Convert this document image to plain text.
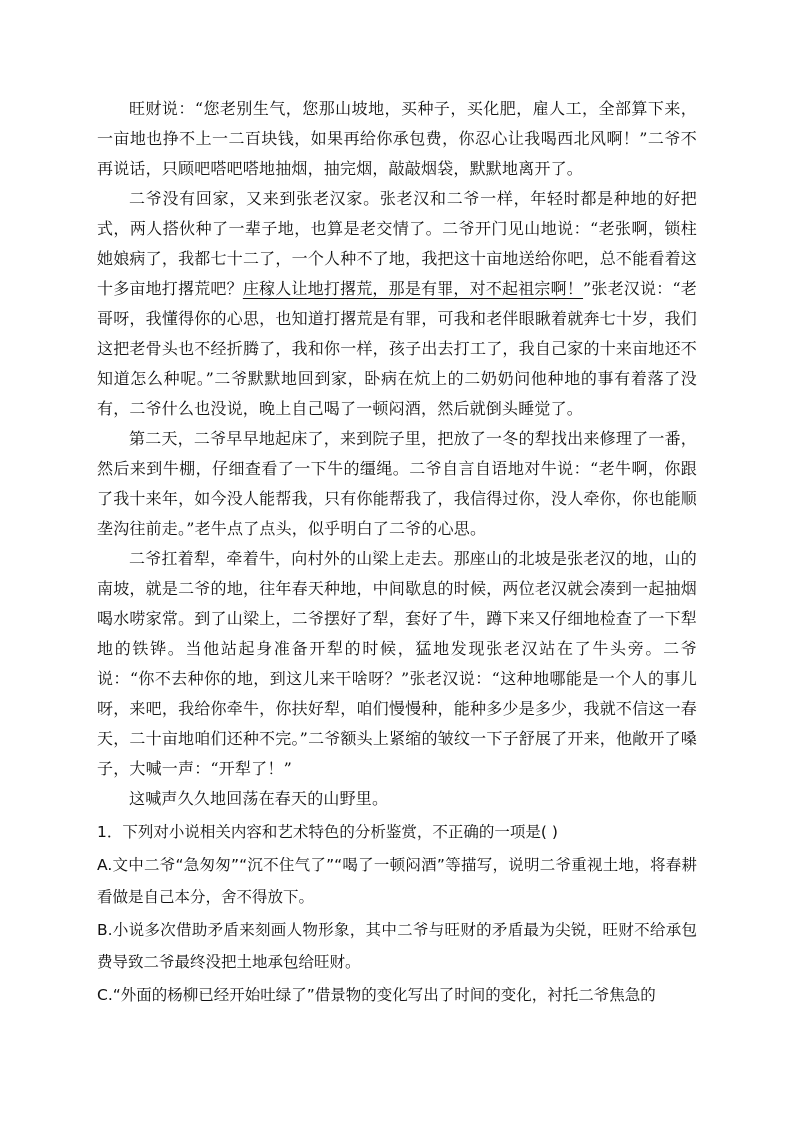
旺财说：“您老别生气，您那山坡地，买种子，买化肥，雇人工，全部算下来，一亩地也挣不上一二百块钱，如果再给你承包费，你忍心让我喝西北风啊！”二爷不再说话，只顾吧嗒吧嗒地抽烟，抽完烟，敲敲烟袋，默默地离开了。

二爷没有回家，又来到张老汉家。张老汉和二爷一样，年轻时都是种地的好把式，两人搭伙种了一辈子地，也算是老交情了。二爷开门见山地说：“老张啊，锁柱她娘病了，我都七十二了，一个人种不了地，我把这十亩地送给你吧，总不能看着这十多亩地打撂荒吧？庄稼人让地打撂荒，那是有罪，对不起祖宗啊！”张老汉说：“老哥呀，我懂得你的心思，也知道打撂荒是有罪，可我和老伴眼瞅着就奔七十岁，我们这把老骨头也不经折腾了，我和你一样，孩子出去打工了，我自己家的十来亩地还不知道怎么种呢。”二爷默默地回到家，卧病在炕上的二奶奶问他种地的事有着落了没有，二爷什么也没说，晚上自己喝了一顿闷酒，然后就倒头睡觉了。

第二天，二爷早早地起床了，来到院子里，把放了一冬的犁找出来修理了一番，然后来到牛棚，仔细查看了一下牛的缰绳。二爷自言自语地对牛说：“老牛啊，你跟了我十来年，如今没人能帮我，只有你能帮我了，我信得过你，没人牵你，你也能顺垄沟往前走。”老牛点了点头，似乎明白了二爷的心思。

二爷扛着犁，牵着牛，向村外的山梁上走去。那座山的北坡是张老汉的地，山的南坡，就是二爷的地，往年春天种地，中间歇息的时候，两位老汉就会凑到一起抽烟喝水唠家常。到了山梁上，二爷摆好了犁，套好了牛，蹲下来又仔细地检查了一下犁地的铁铧。当他站起身准备开犁的时候，猛地发现张老汉站在了牛头旁。二爷说：“你不去种你的地，到这儿来干啥呀？”张老汉说：“这种地哪能是一个人的事儿呀，来吧，我给你牵牛，你扶好犁，咱们慢慢种，能种多少是多少，我就不信这一春天，二十亩地咱们还种不完。”二爷额头上紧缩的皱纹一下子舒展了开来，他敞开了嗓子，大喊一声：“开犁了！”

这喊声久久地回荡在春天的山野里。

1．下列对小说相关内容和艺术特色的分析鉴赏，不正确的一项是( )

A.文中二爷“急匆匆”“沉不住气了”“喝了一顿闷酒”等描写，说明二爷重视土地，将春耕看做是自己本分，舍不得放下。

B.小说多次借助矛盾来刻画人物形象，其中二爷与旺财的矛盾最为尖锐，旺财不给承包费导致二爷最终没把土地承包给旺财。

C.“外面的杨柳已经开始吐绿了”借景物的变化写出了时间的变化，衬托二爷焦急的
